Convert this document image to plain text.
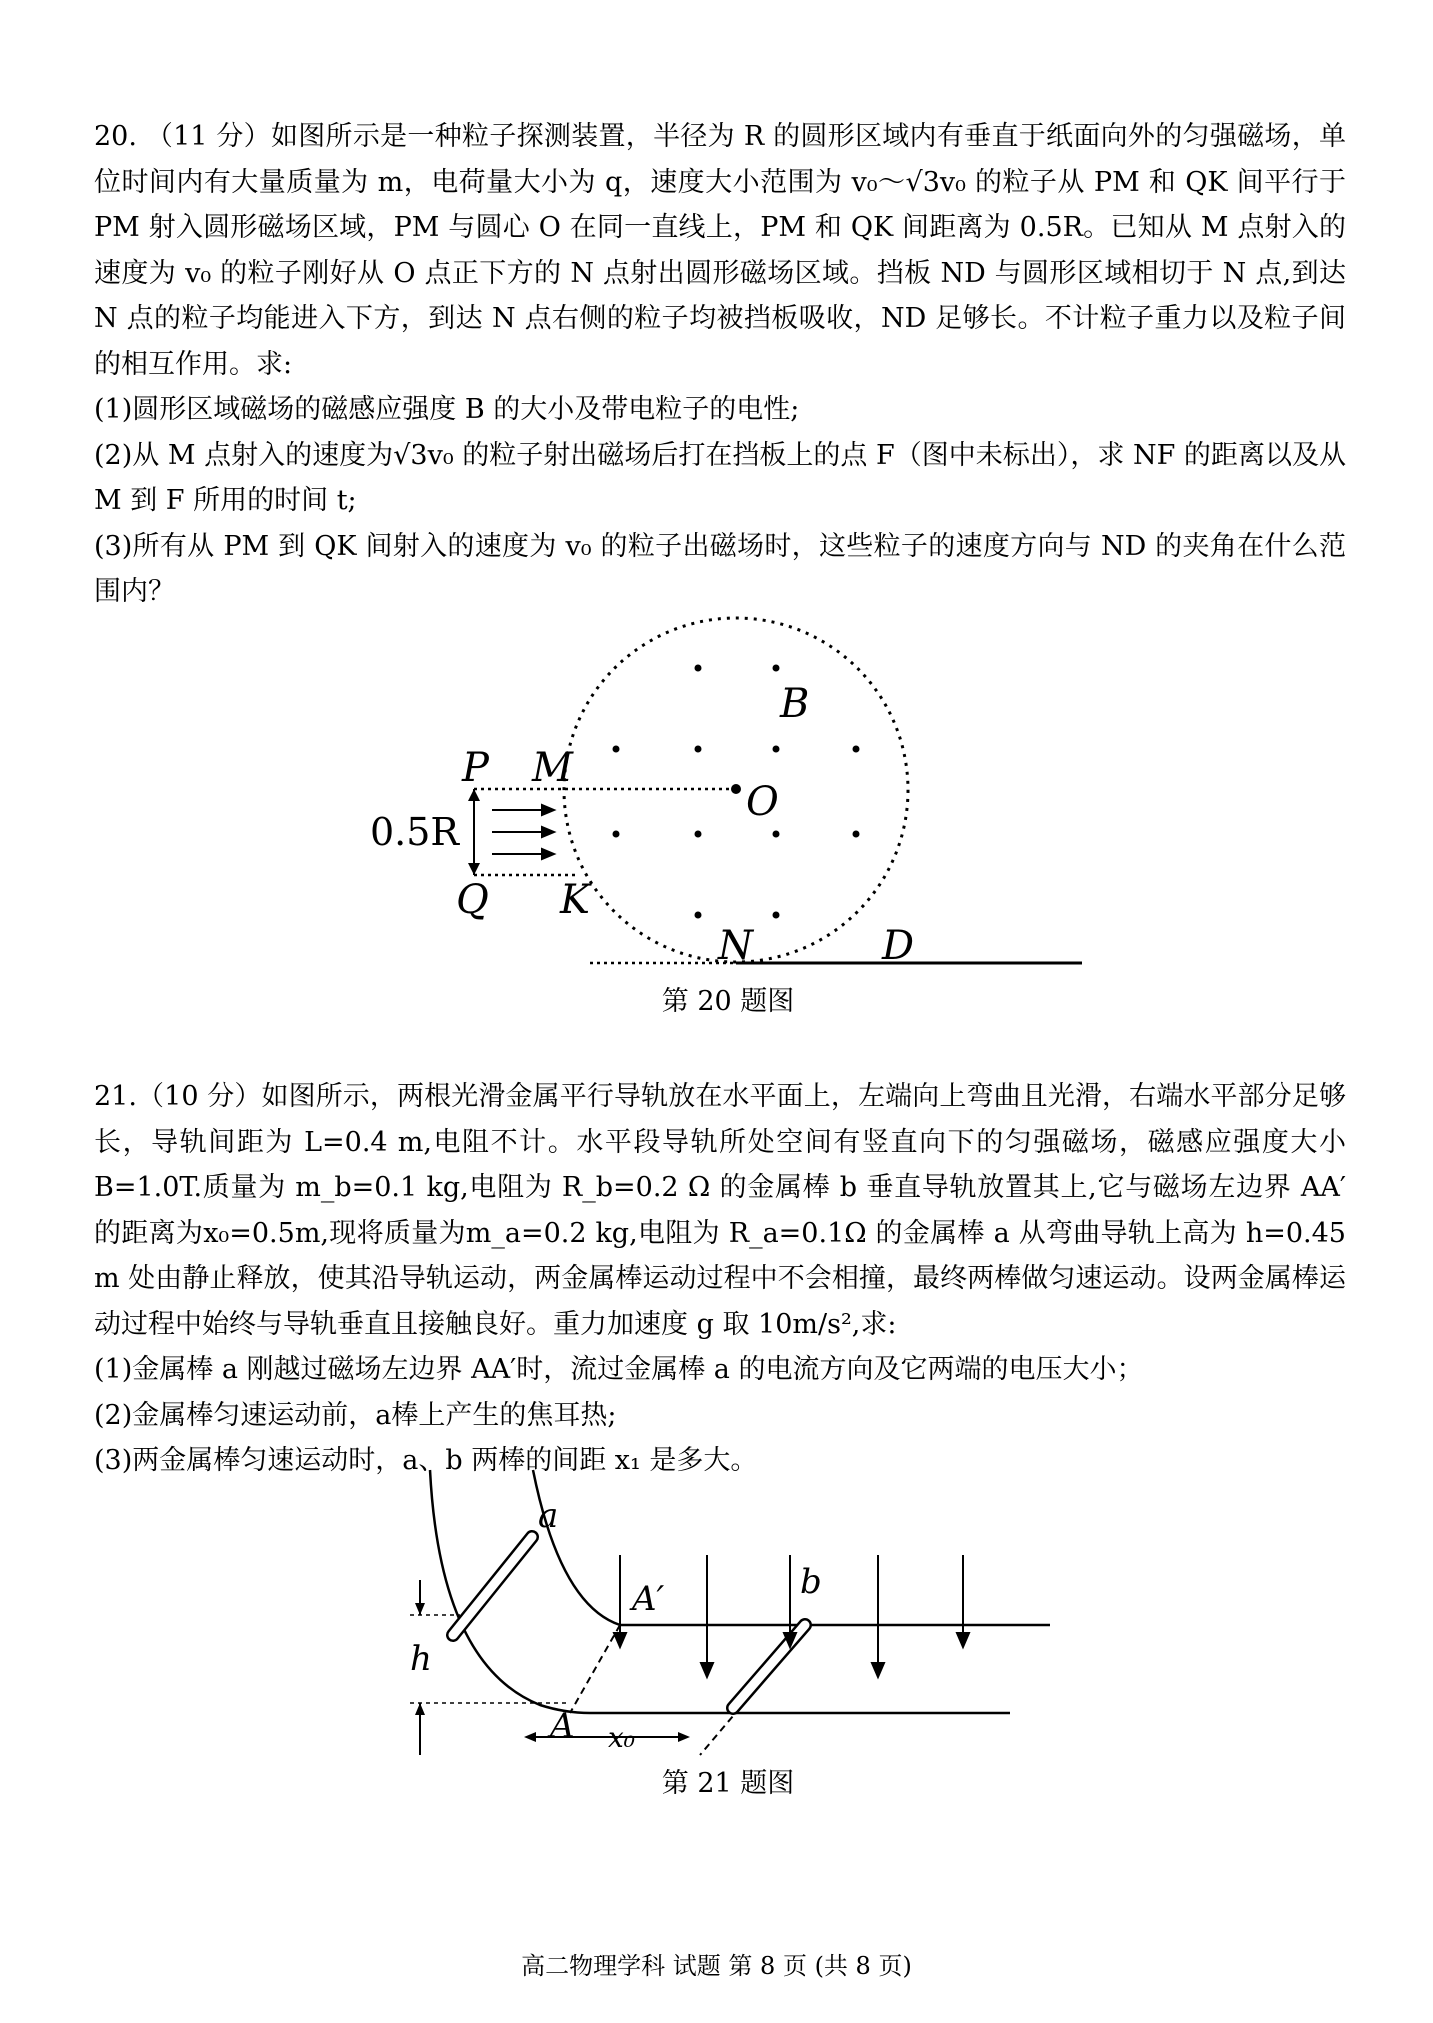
20. （11 分）如图所示是一种粒子探测装置，半径为 R 的圆形区域内有垂直于纸面向外的匀强磁场，单位时间内有大量质量为 m，电荷量大小为 q，速度大小范围为 v₀～√3v₀ 的粒子从 PM 和 QK 间平行于 PM 射入圆形磁场区域，PM 与圆心 O 在同一直线上，PM 和 QK 间距离为 0.5R。已知从 M 点射入的速度为 v₀ 的粒子刚好从 O 点正下方的 N 点射出圆形磁场区域。挡板 ND 与圆形区域相切于 N 点,到达 N 点的粒子均能进入下方，到达 N 点右侧的粒子均被挡板吸收，ND 足够长。不计粒子重力以及粒子间的相互作用。求:

(1)圆形区域磁场的磁感应强度 B 的大小及带电粒子的电性;

(2)从 M 点射入的速度为√3v₀ 的粒子射出磁场后打在挡板上的点 F（图中未标出），求 NF 的距离以及从 M 到 F 所用的时间 t;

(3)所有从 PM 到 QK 间射入的速度为 v₀ 的粒子出磁场时，这些粒子的速度方向与 ND 的夹角在什么范围内？

P M
O
B
Q K
N	D
0.5R
第 20 题图

21.（10 分）如图所示，两根光滑金属平行导轨放在水平面上，左端向上弯曲且光滑，右端水平部分足够长，导轨间距为 L=0.4 m,电阻不计。水平段导轨所处空间有竖直向下的匀强磁场，磁感应强度大小 B=1.0T.质量为 m_b=0.1 kg,电阻为 R_b=0.2 Ω 的金属棒 b 垂直导轨放置其上,它与磁场左边界 AA′ 的距离为x₀=0.5m,现将质量为m_a=0.2 kg,电阻为 R_a=0.1Ω 的金属棒 a 从弯曲导轨上高为 h=0.45 m 处由静止释放，使其沿导轨运动，两金属棒运动过程中不会相撞，最终两棒做匀速运动。设两金属棒运动过程中始终与导轨垂直且接触良好。重力加速度 g 取 10m/s²,求:

(1)金属棒 a 刚越过磁场左边界 AA′时，流过金属棒 a 的电流方向及它两端的电压大小；

(2)金属棒匀速运动前，a棒上产生的焦耳热;

(3)两金属棒匀速运动时，a、b 两棒的间距 x₁ 是多大。

a
b
A′
A
h
x₀
第 21 题图
高二物理学科 试题 第 8 页 (共 8 页)
